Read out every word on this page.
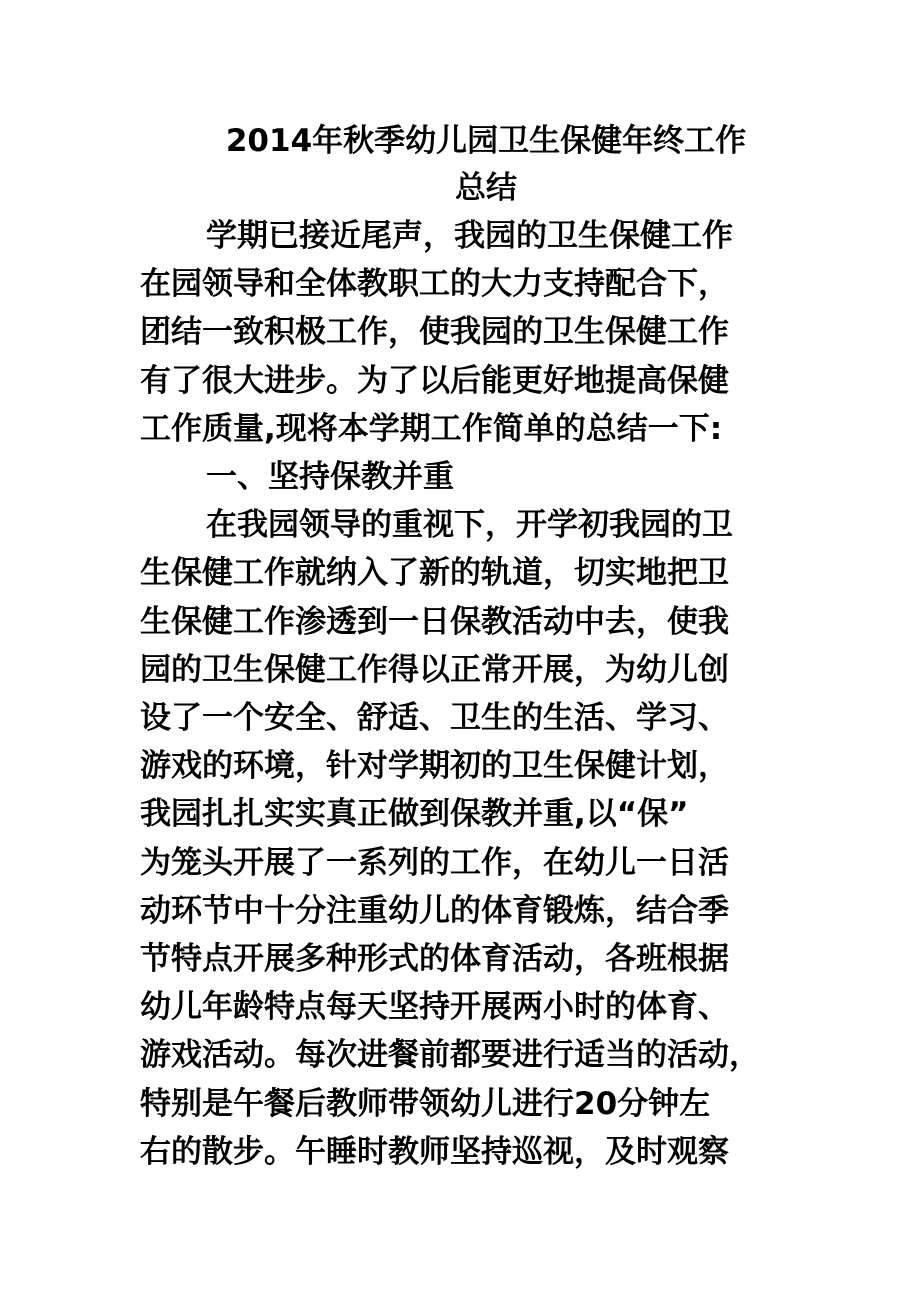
2014年秋季幼儿园卫生保健年终工作
总结
学期已接近尾声，我园的卫生保健工作
在园领导和全体教职工的大力支持配合下，
团结一致积极工作，使我园的卫生保健工作
有了很大进步。为了以后能更好地提高保健
工作质量,现将本学期工作简单的总结一下:
一、坚持保教并重
在我园领导的重视下，开学初我园的卫
生保健工作就纳入了新的轨道，切实地把卫
生保健工作渗透到一日保教活动中去，使我
园的卫生保健工作得以正常开展，为幼儿创
设了一个安全、舒适、卫生的生活、学习、
游戏的环境，针对学期初的卫生保健计划，
我园扎扎实实真正做到保教并重,以“保”
为笼头开展了一系列的工作，在幼儿一日活
动环节中十分注重幼儿的体育锻炼，结合季
节特点开展多种形式的体育活动，各班根据
幼儿年龄特点每天坚持开展两小时的体育、
游戏活动。每次进餐前都要进行适当的活动，
特别是午餐后教师带领幼儿进行20分钟左
右的散步。午睡时教师坚持巡视，及时观察
